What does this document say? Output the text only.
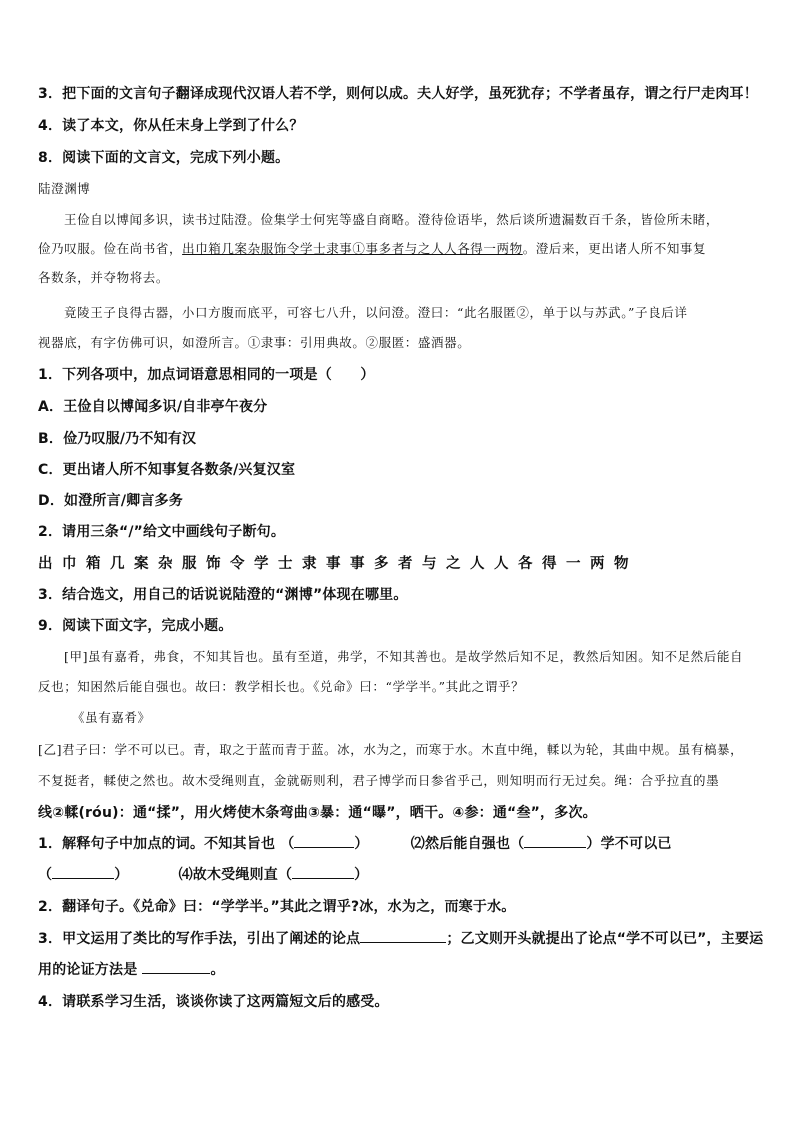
3．把下面的文言句子翻译成现代汉语人若不学，则何以成。夫人好学，虽死犹存；不学者虽存，谓之行尸走肉耳！
4．读了本文，你从任末身上学到了什么？
8．阅读下面的文言文，完成下列小题。
陆澄渊博
王俭自以博闻多识，读书过陆澄。俭集学士何宪等盛自商略。澄待俭语毕，然后谈所遗漏数百千条，皆俭所未睹，
俭乃叹服。俭在尚书省，出巾箱几案杂服饰令学士隶事①事多者与之人人各得一两物。澄后来，更出诸人所不知事复
各数条，并夺物将去。
竟陵王子良得古器，小口方腹而底平，可容七八升，以问澄。澄曰：“此名服匿②，单于以与苏武。”子良后详
视器底，有字仿佛可识，如澄所言。①隶事：引用典故。②服匿：盛酒器。
1．下列各项中，加点词语意思相同的一项是（　　）
A．王俭自以博闻多识/自非亭午夜分
B．俭乃叹服/乃不知有汉
C．更出诸人所不知事复各数条/兴复汉室
D．如澄所言/卿言多务
2．请用三条“/”给文中画线句子断句。
出巾箱几案杂服饰令学士隶事事多者与之人人各得一两物
3．结合选文，用自己的话说说陆澄的“渊博”体现在哪里。
9．阅读下面文字，完成小题。
[甲]虽有嘉肴，弗食，不知其旨也。虽有至道，弗学，不知其善也。是故学然后知不足，教然后知困。知不足然后能自
反也；知困然后能自强也。故曰：教学相长也。《兑命》曰：“学学半。”其此之谓乎？
《虽有嘉肴》
[乙]君子曰：学不可以已。青，取之于蓝而青于蓝。冰，水为之，而寒于水。木直中绳，輮以为轮，其曲中规。虽有槁暴，
不复挺者，輮使之然也。故木受绳则直，金就砺则利，君子博学而日参省乎己，则知明而行无过矣。绳：合乎拉直的墨
线②輮(róu)：通“揉”，用火烤使木条弯曲③暴：通“曝”，晒干。④参：通“叁”，多次。
1．解释句子中加点的词。不知其旨也 （	）	⑵然后能自强也（	）学不可以已
（	）	⑷故木受绳则直（	）
2．翻译句子。《兑命》曰：“学学半。”其此之谓乎?冰，水为之，而寒于水。
3．甲文运用了类比的写作手法，引出了阐述的论点	；乙文则开头就提出了论点“学不可以已”，主要运
用的论证方法是	。
4．请联系学习生活，谈谈你读了这两篇短文后的感受。
